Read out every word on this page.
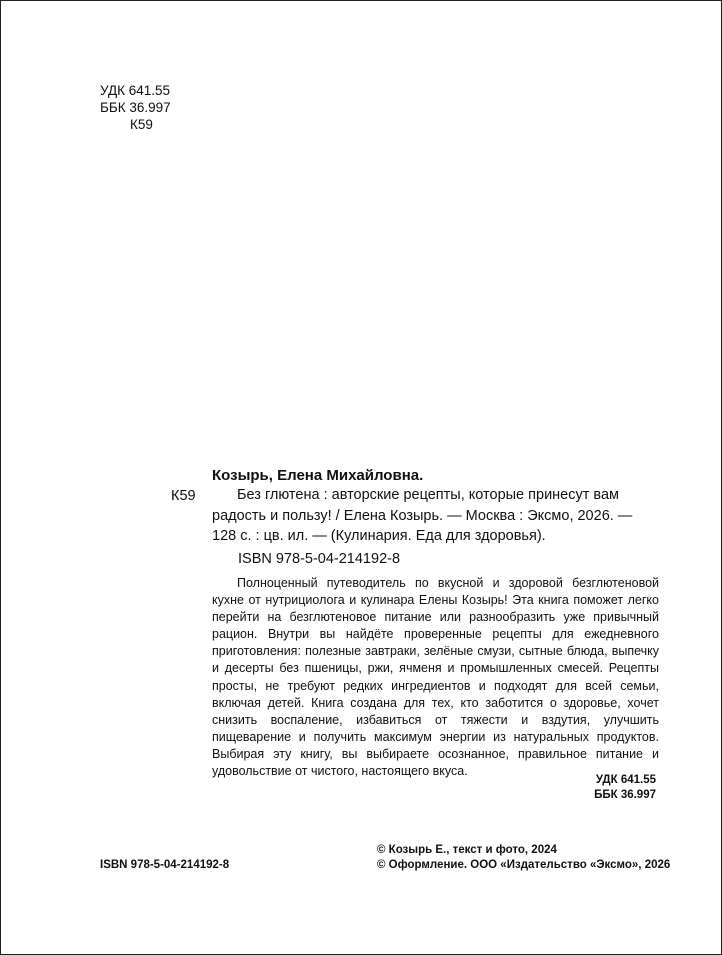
УДК 641.55
ББК 36.997
К59
Козырь, Елена Михайловна.
К59	Без глютена : авторские рецепты, которые принесут вам радость и пользу! / Елена Козырь. — Москва : Эксмо, 2026. — 128 с. : цв. ил. — (Кулинария. Еда для здоровья).
ISBN 978-5-04-214192-8
Полноценный путеводитель по вкусной и здоровой безглютеновой кухне от нутрициолога и кулинара Елены Козырь! Эта книга поможет легко перейти на безглютеновое питание или разнообразить уже привычный рацион. Внутри вы найдёте проверенные рецепты для ежедневного приготовления: полезные завтраки, зелёные смузи, сытные блюда, выпечку и десерты без пшеницы, ржи, ячменя и промышленных смесей. Рецепты просты, не требуют редких ингредиентов и подходят для всей семьи, включая детей. Книга создана для тех, кто заботится о здоровье, хочет снизить воспаление, избавиться от тяжести и вздутия, улучшить пищеварение и получить максимум энергии из натуральных продуктов. Выбирая эту книгу, вы выбираете осознанное, правильное питание и удовольствие от чистого, настоящего вкуса.
УДК 641.55
ББК 36.997
ISBN 978-5-04-214192-8
© Козырь Е., текст и фото, 2024
© Оформление. ООО «Издательство «Эксмо», 2026
